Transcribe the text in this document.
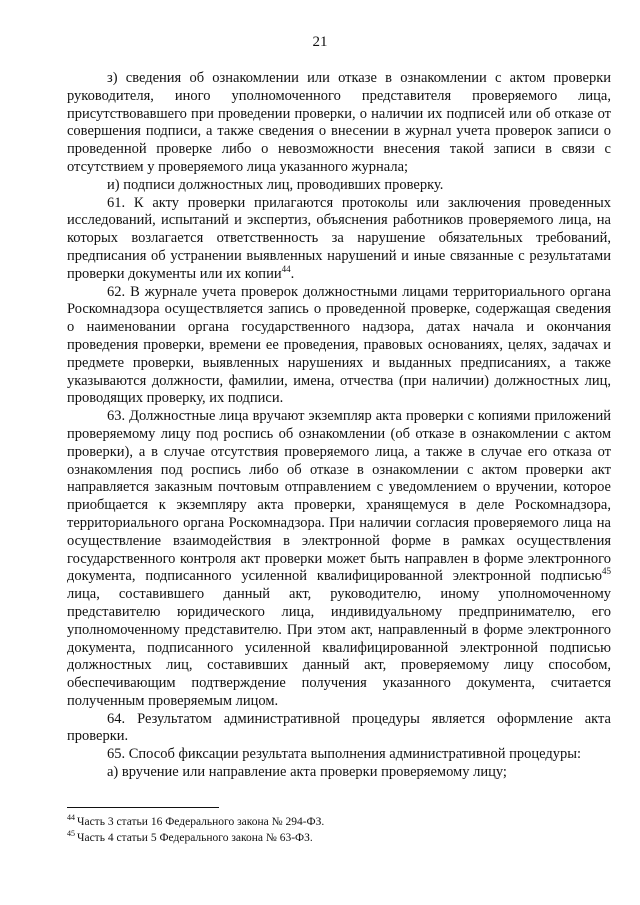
21

з) сведения об ознакомлении или отказе в ознакомлении с актом проверки руководителя, иного уполномоченного представителя проверяемого лица, присутствовавшего при проведении проверки, о наличии их подписей или об отказе от совершения подписи, а также сведения о внесении в журнал учета проверок записи о проведенной проверке либо о невозможности внесения такой записи в связи с отсутствием у проверяемого лица указанного журнала;

и) подписи должностных лиц, проводивших проверку.

61. К акту проверки прилагаются протоколы или заключения проведенных исследований, испытаний и экспертиз, объяснения работников проверяемого лица, на которых возлагается ответственность за нарушение обязательных требований, предписания об устранении выявленных нарушений и иные связанные с результатами проверки документы или их копии$^{44}$.

62. В журнале учета проверок должностными лицами территориального органа Роскомнадзора осуществляется запись о проведенной проверке, содержащая сведения о наименовании органа государственного надзора, датах начала и окончания проведения проверки, времени ее проведения, правовых основаниях, целях, задачах и предмете проверки, выявленных нарушениях и выданных предписаниях, а также указываются должности, фамилии, имена, отчества (при наличии) должностных лиц, проводящих проверку, их подписи.

63. Должностные лица вручают экземпляр акта проверки с копиями приложений проверяемому лицу под роспись об ознакомлении (об отказе в ознакомлении с актом проверки), а в случае отсутствия проверяемого лица, а также в случае его отказа от ознакомления под роспись либо об отказе в ознакомлении с актом проверки акт направляется заказным почтовым отправлением с уведомлением о вручении, которое приобщается к экземпляру акта проверки, хранящемуся в деле Роскомнадзора, территориального органа Роскомнадзора. При наличии согласия проверяемого лица на осуществление взаимодействия в электронной форме в рамках осуществления государственного контроля акт проверки может быть направлен в форме электронного документа, подписанного усиленной квалифицированной электронной подписью$^{45}$ лица, составившего данный акт, руководителю, иному уполномоченному представителю юридического лица, индивидуальному предпринимателю, его уполномоченному представителю. При этом акт, направленный в форме электронного документа, подписанного усиленной квалифицированной электронной подписью должностных лиц, составивших данный акт, проверяемому лицу способом, обеспечивающим подтверждение получения указанного документа, считается полученным проверяемым лицом.

64. Результатом административной процедуры является оформление акта проверки.

65. Способ фиксации результата выполнения административной процедуры:

а) вручение или направление акта проверки проверяемому лицу;

$^{44}$ Часть 3 статьи 16 Федерального закона № 294-ФЗ.

$^{45}$ Часть 4 статьи 5 Федерального закона № 63-ФЗ.
